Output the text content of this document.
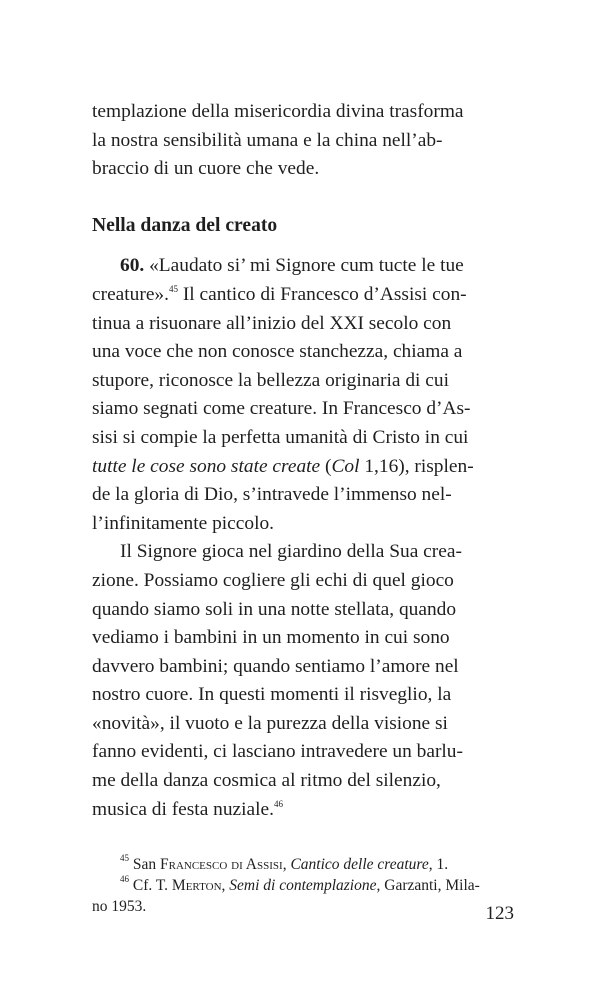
templazione della misericordia divina trasforma
la nostra sensibilità umana e la china nell’ab-
braccio di un cuore che vede.

Nella danza del creato

60. «Laudato si’ mi Signore cum tucte le tue
creature».$^{45}$ Il cantico di Francesco d’Assisi con-
tinua a risuonare all’inizio del XXI secolo con
una voce che non conosce stanchezza, chiama a
stupore, riconosce la bellezza originaria di cui
siamo segnati come creature. In Francesco d’As-
sisi si compie la perfetta umanità di Cristo in cui
tutte le cose sono state create (Col 1,16), risplen-
de la gloria di Dio, s’intravede l’immenso nel-
l’infinitamente piccolo.

Il Signore gioca nel giardino della Sua crea-
zione. Possiamo cogliere gli echi di quel gioco
quando siamo soli in una notte stellata, quando
vediamo i bambini in un momento in cui sono
davvero bambini; quando sentiamo l’amore nel
nostro cuore. In questi momenti il risveglio, la
«novità», il vuoto e la purezza della visione si
fanno evidenti, ci lasciano intravedere un barlu-
me della danza cosmica al ritmo del silenzio,
musica di festa nuziale.$^{46}$

$^{45}$ San Francesco di Assisi, Cantico delle creature, 1.

$^{46}$ Cf. T. Merton, Semi di contemplazione, Garzanti, Mila-
no 1953.	123
